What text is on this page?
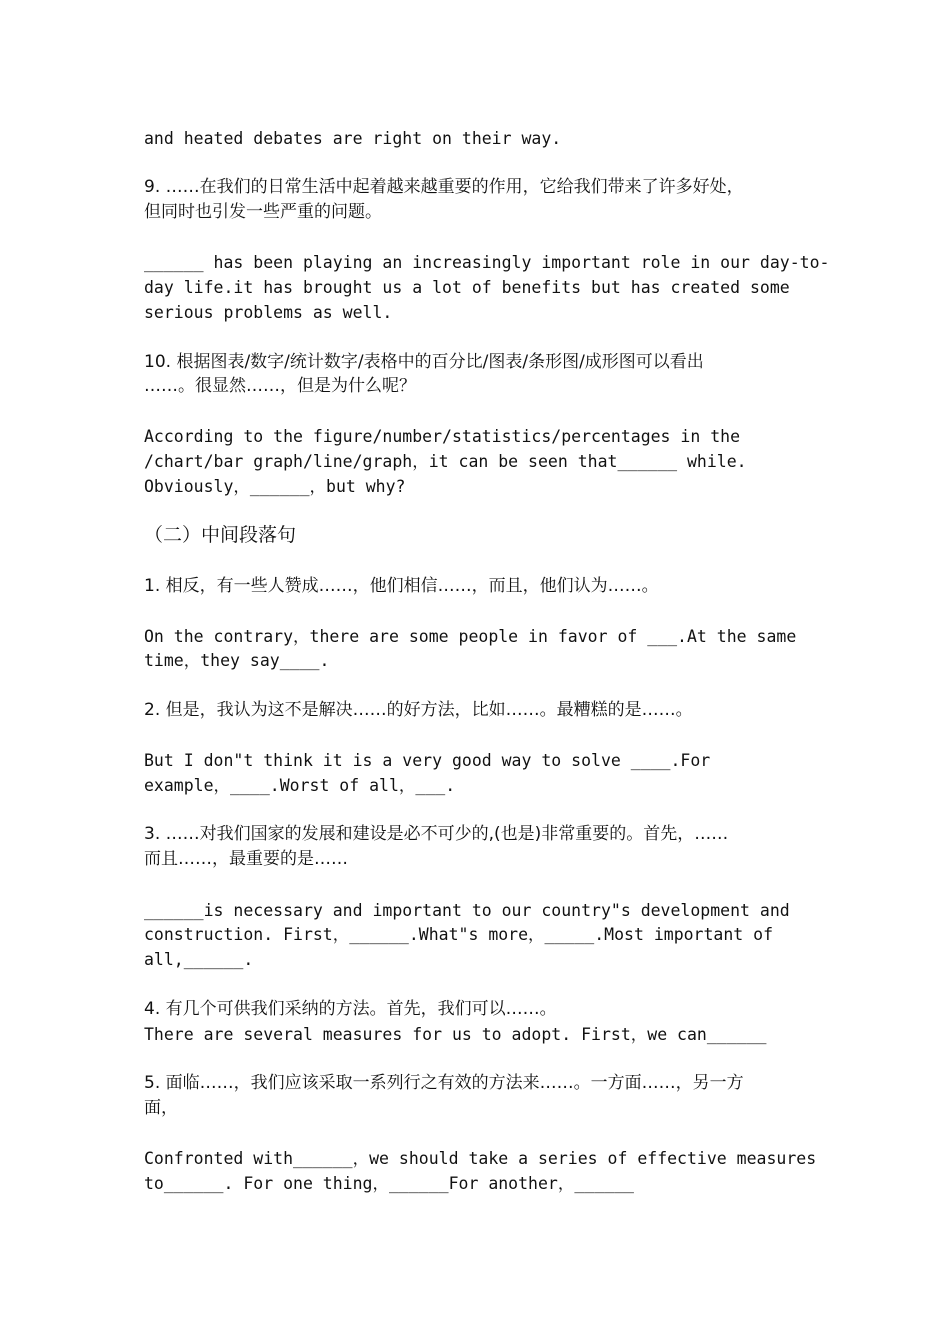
and heated debates are right on their way.
9. ……在我们的日常生活中起着越来越重要的作用，它给我们带来了许多好处，
但同时也引发一些严重的问题。
______ has been playing an increasingly important role in our day-to-
day life.it has brought us a lot of benefits but has created some
serious problems as well.
10. 根据图表/数字/统计数字/表格中的百分比/图表/条形图/成形图可以看出
……。很显然……，但是为什么呢？
According to the figure/number/statistics/percentages in the
/chart/bar graph/line/graph，it can be seen that______ while.
Obviously，______，but why?
（二）中间段落句
1. 相反，有一些人赞成……，他们相信……，而且，他们认为……。
On the contrary，there are some people in favor of ___.At the same
time，they say____.
2. 但是，我认为这不是解决……的好方法，比如……。最糟糕的是……。
But I don"t think it is a very good way to solve ____.For
example，____.Worst of all，___.
3. ……对我们国家的发展和建设是必不可少的,(也是)非常重要的。首先，……
而且……，最重要的是……
______is necessary and important to our country"s development and
construction. First，______.What"s more，_____.Most important of
all,______.
4. 有几个可供我们采纳的方法。首先，我们可以……。
There are several measures for us to adopt. First，we can______
5. 面临……，我们应该采取一系列行之有效的方法来……。一方面……，另一方
面，
Confronted with______，we should take a series of effective measures
to______. For one thing，______For another，______
